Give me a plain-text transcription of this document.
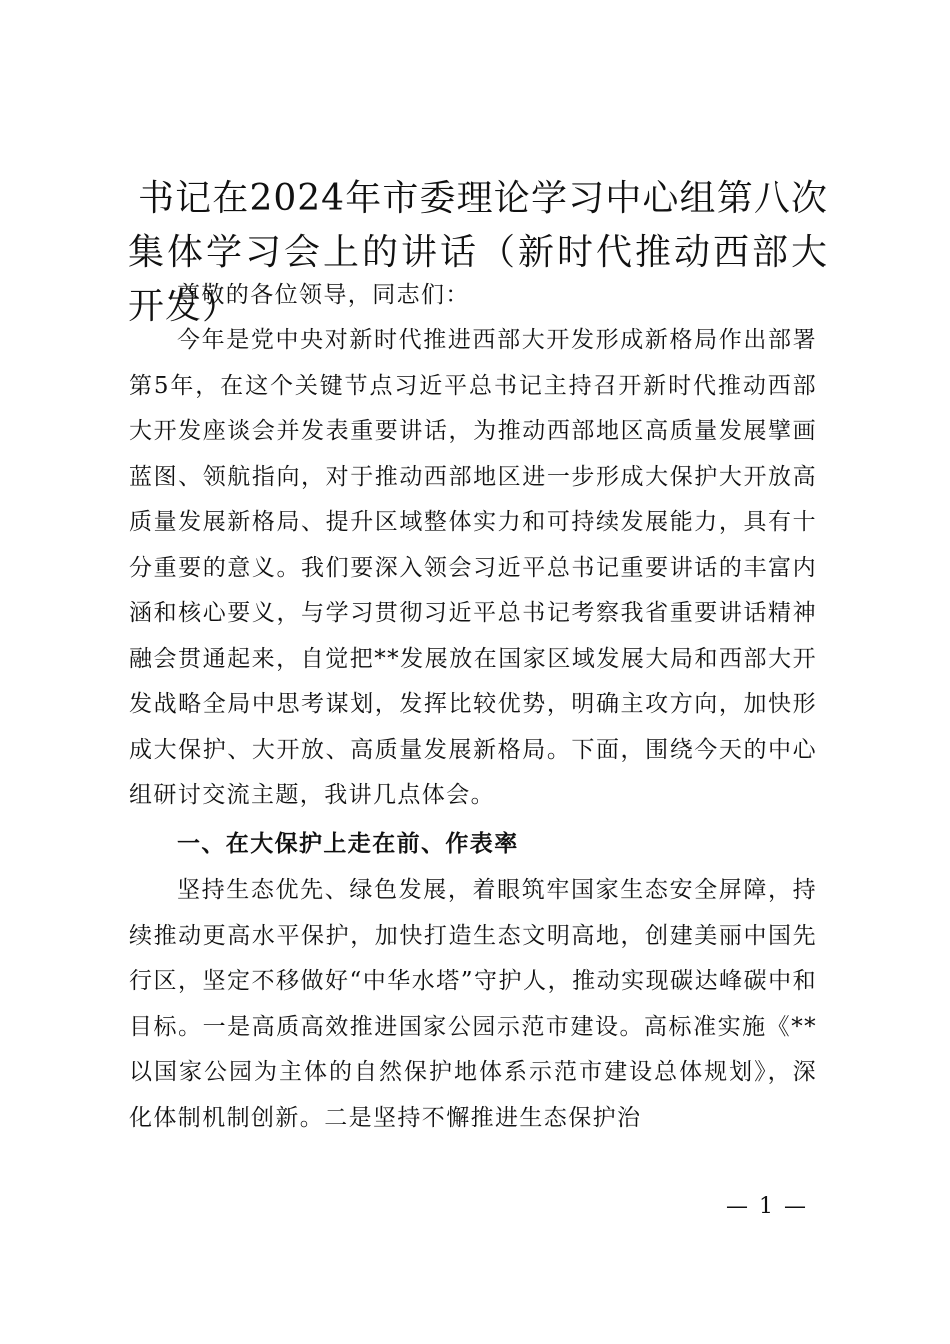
书记在2024年市委理论学习中心组第八次集体学习会上的讲话（新时代推动西部大开发）

尊敬的各位领导，同志们：

今年是党中央对新时代推进西部大开发形成新格局作出部署第5年，在这个关键节点习近平总书记主持召开新时代推动西部大开发座谈会并发表重要讲话，为推动西部地区高质量发展擘画蓝图、领航指向，对于推动西部地区进一步形成大保护大开放高质量发展新格局、提升区域整体实力和可持续发展能力，具有十分重要的意义。我们要深入领会习近平总书记重要讲话的丰富内涵和核心要义，与学习贯彻习近平总书记考察我省重要讲话精神融会贯通起来，自觉把**发展放在国家区域发展大局和西部大开发战略全局中思考谋划，发挥比较优势，明确主攻方向，加快形成大保护、大开放、高质量发展新格局。下面，围绕今天的中心组研讨交流主题，我讲几点体会。

一、在大保护上走在前、作表率

坚持生态优先、绿色发展，着眼筑牢国家生态安全屏障，持续推动更高水平保护，加快打造生态文明高地，创建美丽中国先行区，坚定不移做好“中华水塔”守护人，推动实现碳达峰碳中和目标。一是高质高效推进国家公园示范市建设。高标准实施《**以国家公园为主体的自然保护地体系示范市建设总体规划》，深化体制机制创新。二是坚持不懈推进生态保护治

— 1 —
